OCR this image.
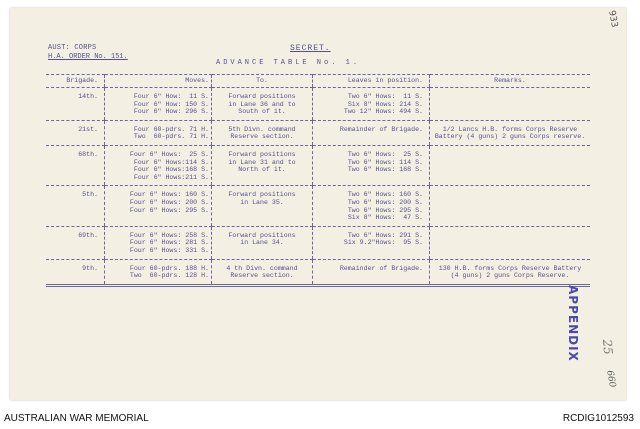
AUST: CORPS
H.A. ORDER No. 151.
SECRET.
ADVANCE TABLE No. 1.
933
Brigade.	Moves.	To.	Leaves in position.	Remarks.
14th.	Four 6" How:  11 S.
Four 6" How: 150 S.
Four 6" How: 296 S.	Forward positions
in Lane 36 and to
South of it.	Two 6" Hows:  11 S.
Six 8" Hows: 214 S.
Two 12" Hows: 494 S.	

21st.	Four 60-pdrs. 71 H.
Two  60-pdrs. 71 H.	5th Divn. command
Reserve section.	Remainder of Brigade.	1/2 Lancs H.B. forms Corps Reserve
Battery (4 guns) 2 guns Corps reserve.

68th.	Four 6" Hows:  25 S.
Four 6" Hows:114 S.
Four 6" Hows:168 S.
Four 6" Hows:211 S.	Forward positions
in Lane 31 and to
North of it.	Two 6" Hows:  25 S.
Two 6" Hows: 114 S.
Two 6" Hows: 168 S.	

5th.	Four 6" Hows: 160 S.
Four 6" Hows: 200 S.
Four 6" Hows: 295 S.	Forward positions
in Lane 35.	Two 6" Hows: 160 S.
Two 6" Hows: 200 S.
Two 6" Hows: 295 S.
Six 8" Hows:  47 S.	

69th.	Four 6" Hows: 258 S.
Four 6" Hows: 281 S.
Four 6" Hows: 331 S.	Forward positions
in Lane 34.	Two 6" Hows: 291 S.
Six 9.2"Hows:  95 S.	

9th.	Four 60-pdrs. 188 H.
Two  60-pdrs. 128 H.	4 th Divn. command
Reserve section.	Remainder of Brigade.	130 H.B. forms Corps Reserve Battery
(4 guns) 2 guns Corps Reserve.
APPENDIX 25
660
AUSTRALIAN WAR MEMORIAL	RCDIG1012593
